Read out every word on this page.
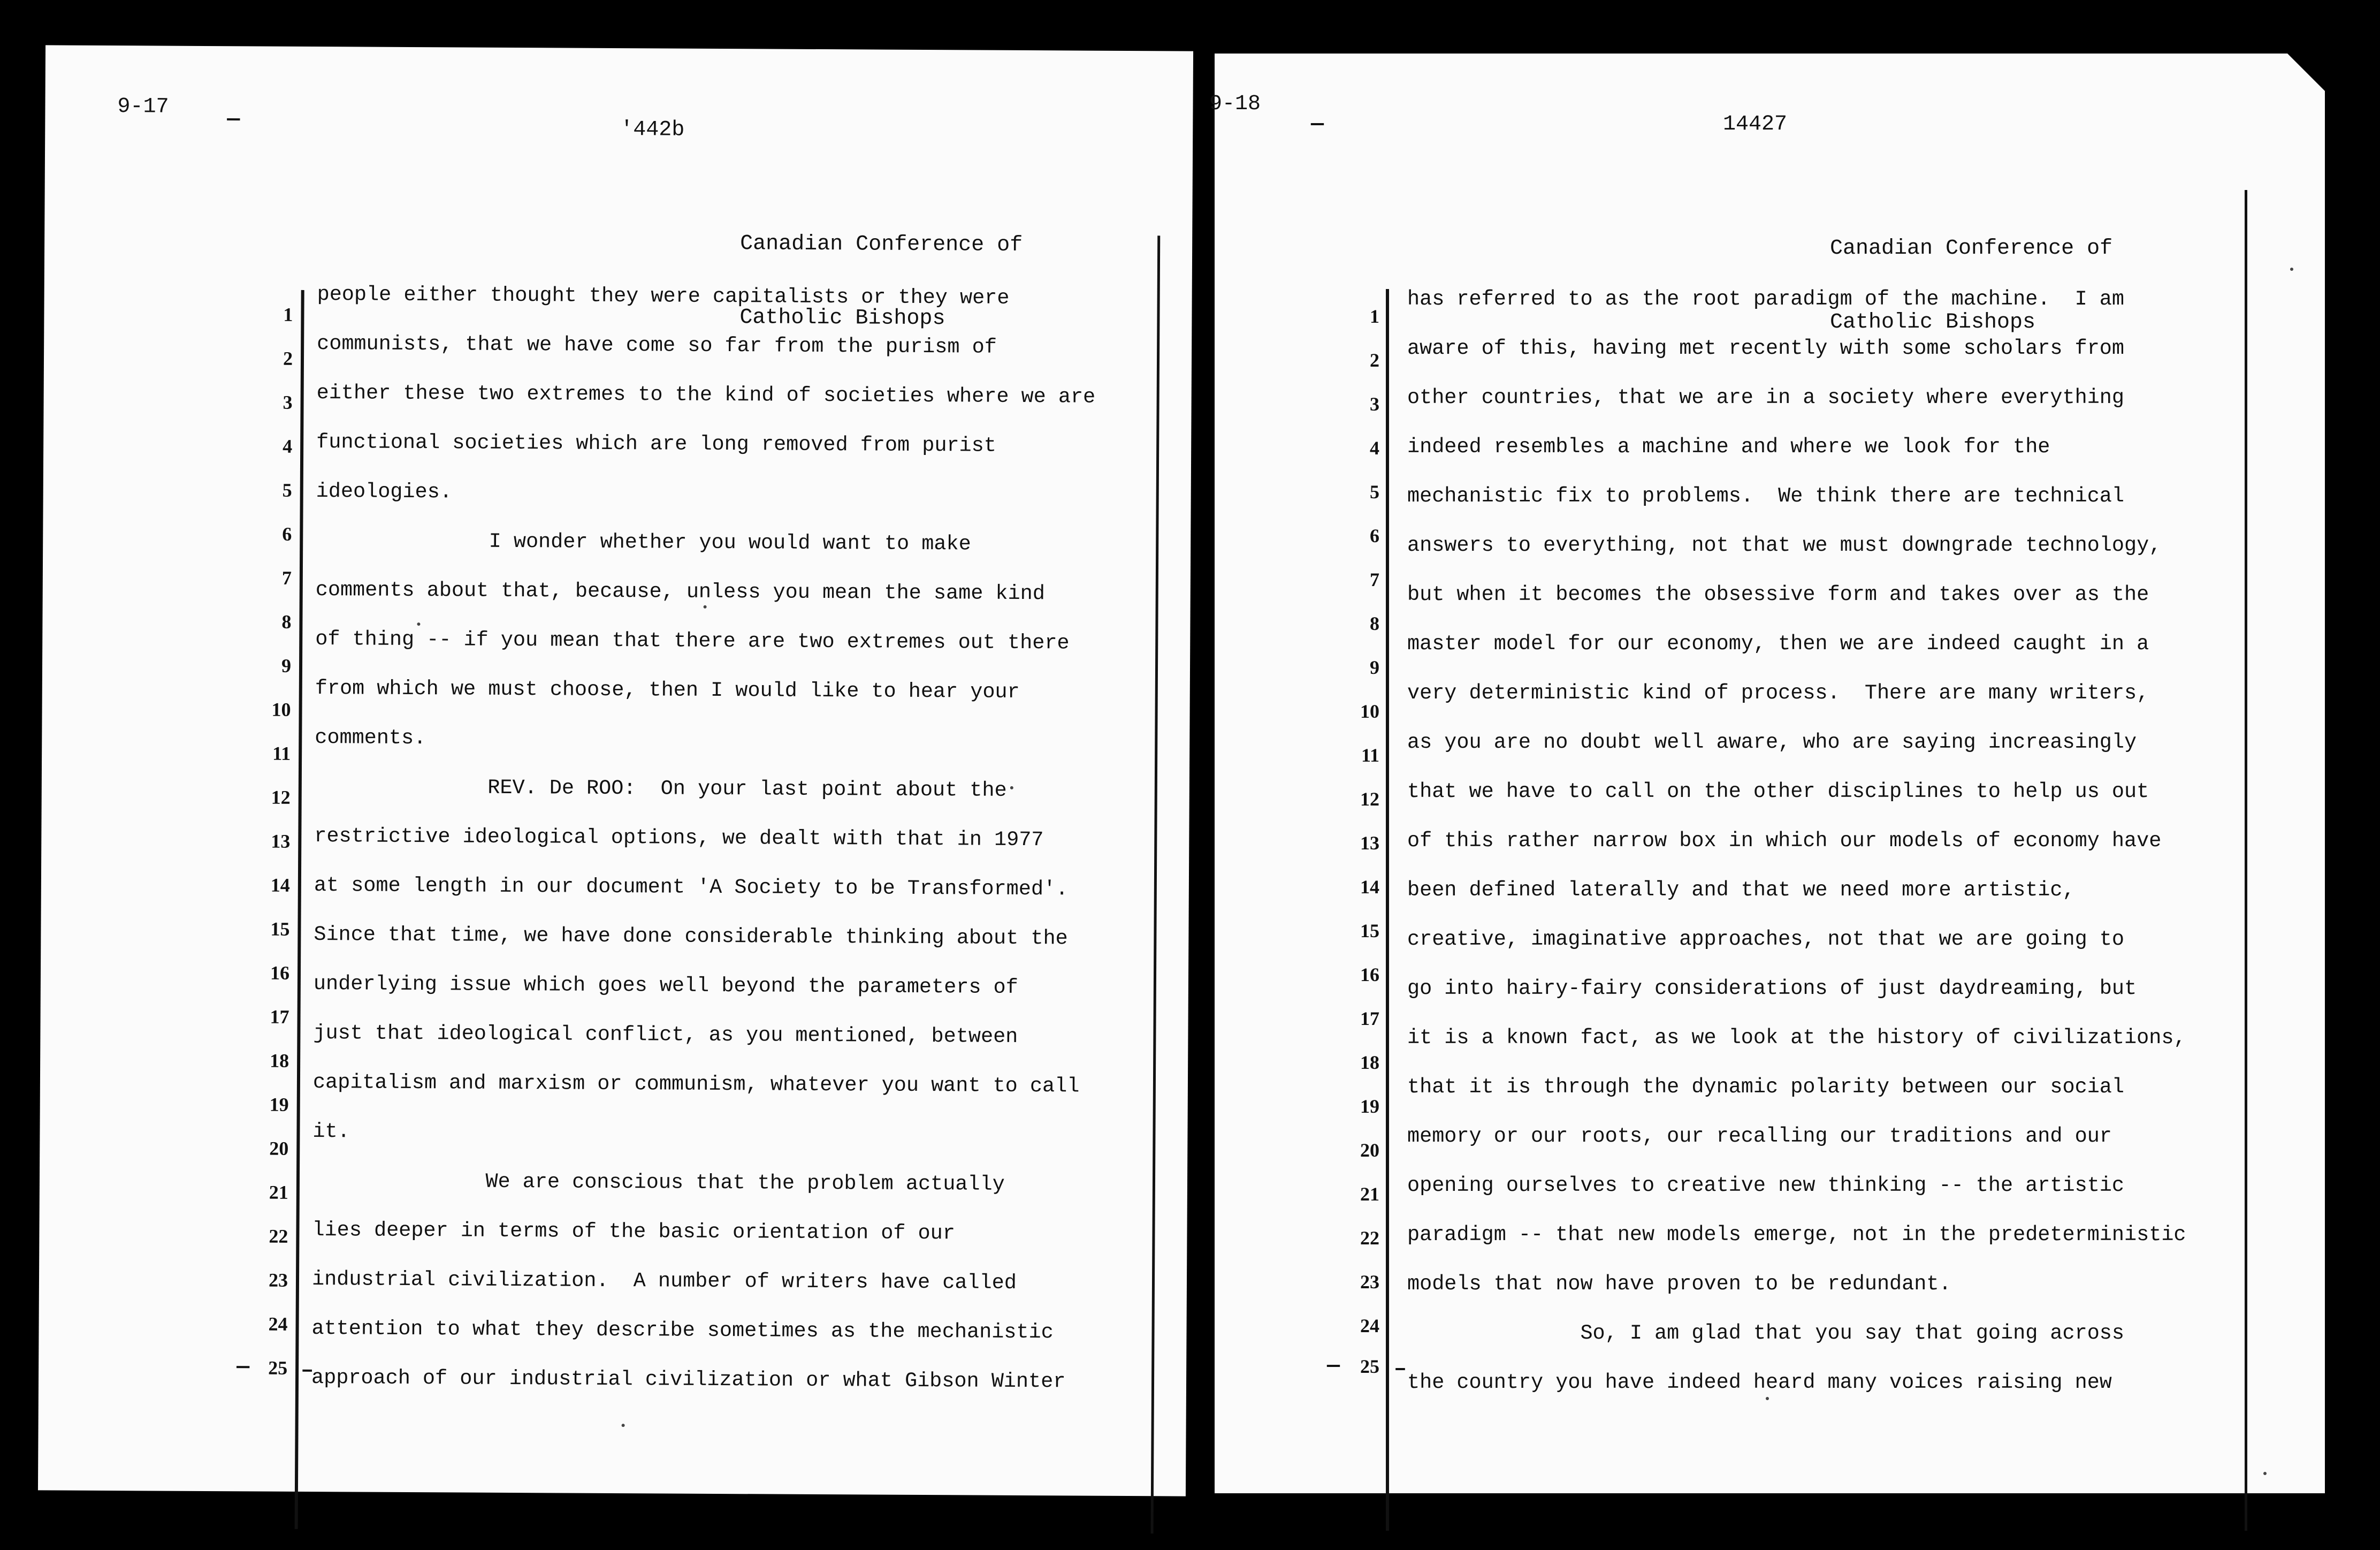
9-17
—	'442b

Canadian Conference of

Catholic Bishops

1
2
3
4
5
6
7
8
9
10
11
12
13
14
15
16
17
18
19
20
21
22
23
24
25
— –
people either thought they were capitalists or they were
communists, that we have come so far from the purism of
either these two extremes to the kind of societies where we are
functional societies which are long removed from purist
ideologies.
I wonder whether you would want to make
comments about that, because, unless you mean the same kind
of thing -- if you mean that there are two extremes out there
from which we must choose, then I would like to hear your
comments.
REV. De ROO:  On your last point about the
restrictive ideological options, we dealt with that in 1977
at some length in our document 'A Society to be Transformed'.
Since that time, we have done considerable thinking about the
underlying issue which goes well beyond the parameters of
just that ideological conflict, as you mentioned, between
capitalism and marxism or communism, whatever you want to call
it.
We are conscious that the problem actually
lies deeper in terms of the basic orientation of our
industrial civilization.  A number of writers have called
attention to what they describe sometimes as the mechanistic
approach of our industrial civilization or what Gibson Winter
9-18
—	14427

Canadian Conference of

Catholic Bishops

1
2
3
4
5
6
7
8
9
10
11
12
13
14
15
16
17
18
19
20
21
22
23
24
25
—	–
has referred to as the root paradigm of the machine.  I am
aware of this, having met recently with some scholars from
other countries, that we are in a society where everything
indeed resembles a machine and where we look for the
mechanistic fix to problems.  We think there are technical
answers to everything, not that we must downgrade technology,
but when it becomes the obsessive form and takes over as the
master model for our economy, then we are indeed caught in a
very deterministic kind of process.  There are many writers,
as you are no doubt well aware, who are saying increasingly
that we have to call on the other disciplines to help us out
of this rather narrow box in which our models of economy have
been defined laterally and that we need more artistic,
creative, imaginative approaches, not that we are going to
go into hairy-fairy considerations of just daydreaming, but
it is a known fact, as we look at the history of civilizations,
that it is through the dynamic polarity between our social
memory or our roots, our recalling our traditions and our
opening ourselves to creative new thinking -- the artistic
paradigm -- that new models emerge, not in the predeterministic
models that now have proven to be redundant.
So, I am glad that you say that going across
the country you have indeed heard many voices raising new
